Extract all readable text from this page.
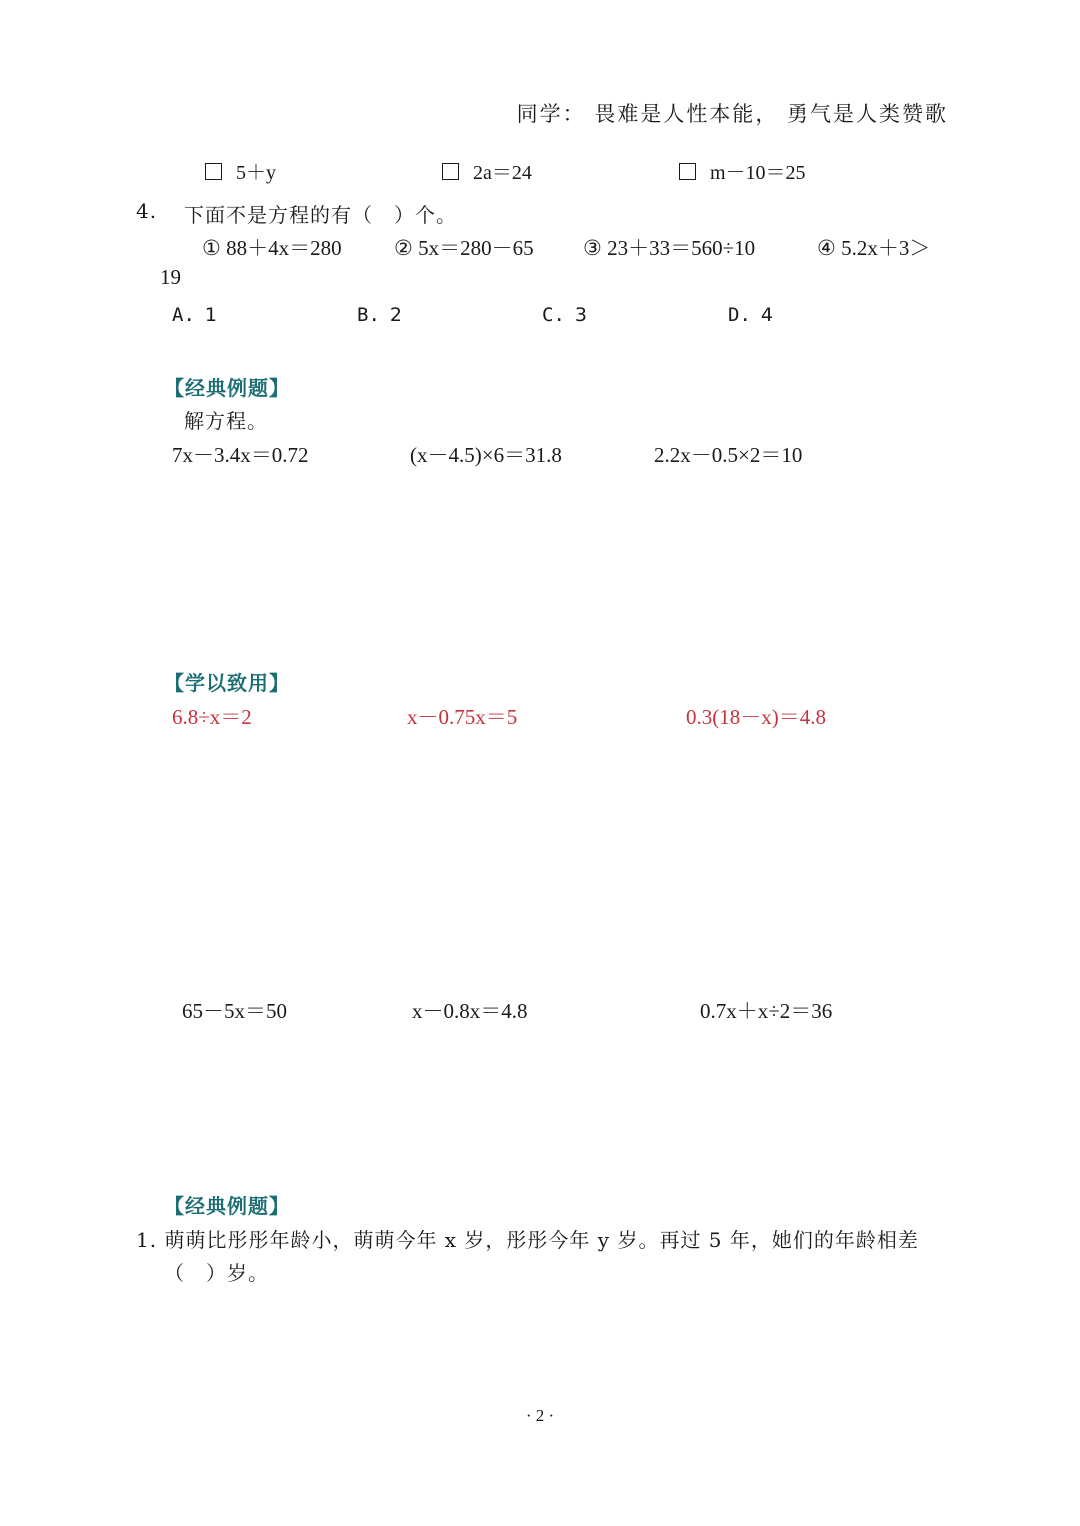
同学： 畏难是人性本能， 勇气是人类赞歌
5＋y	2a＝24	m－10＝25
4. 下面不是方程的有（　）个。
① 88＋4x＝280 ② 5x＝280－65 ③ 23＋33＝560÷10	④ 5.2x＋3＞
19
A. 1	B. 2	C. 3	D. 4
【经典例题】
解方程。
7x－3.4x＝0.72	(x－4.5)×6＝31.8	2.2x－0.5×2＝10
【学以致用】
6.8÷x＝2	x－0.75x＝5	0.3(18－x)＝4.8
65－5x＝50	x－0.8x＝4.8	0.7x＋x÷2＝36
【经典例题】
1. 萌萌比彤彤年龄小，萌萌今年 x 岁，彤彤今年 y 岁。再过 5 年，她们的年龄相差
（　）岁。
· 2 ·
